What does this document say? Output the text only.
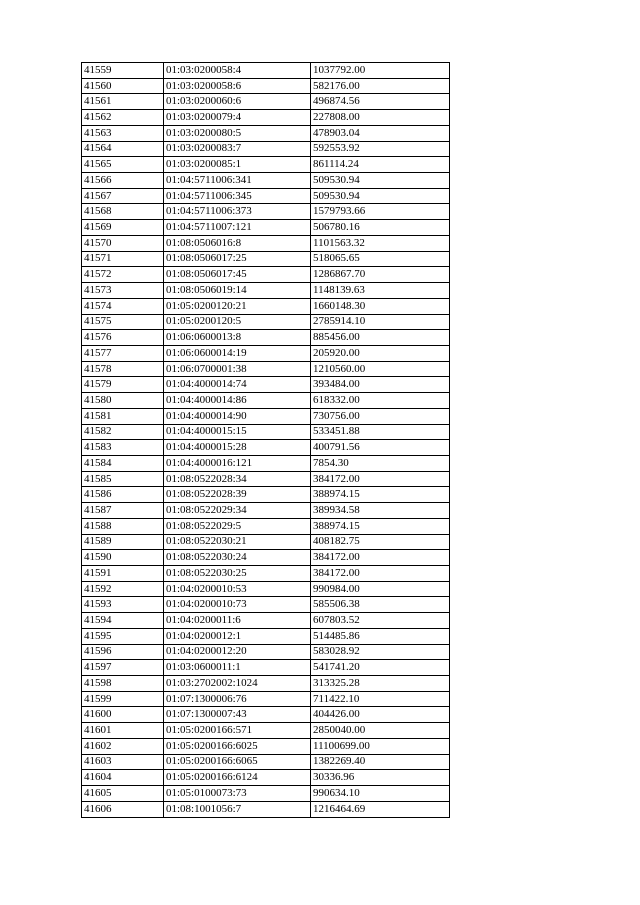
41559	01:03:0200058:4	1037792.00
41560	01:03:0200058:6	582176.00
41561	01:03:0200060:6	496874.56
41562	01:03:0200079:4	227808.00
41563	01:03:0200080:5	478903.04
41564	01:03:0200083:7	592553.92
41565	01:03:0200085:1	861114.24
41566	01:04:5711006:341	509530.94
41567	01:04:5711006:345	509530.94
41568	01:04:5711006:373	1579793.66
41569	01:04:5711007:121	506780.16
41570	01:08:0506016:8	1101563.32
41571	01:08:0506017:25	518065.65
41572	01:08:0506017:45	1286867.70
41573	01:08:0506019:14	1148139.63
41574	01:05:0200120:21	1660148.30
41575	01:05:0200120:5	2785914.10
41576	01:06:0600013:8	885456.00
41577	01:06:0600014:19	205920.00
41578	01:06:0700001:38	1210560.00
41579	01:04:4000014:74	393484.00
41580	01:04:4000014:86	618332.00
41581	01:04:4000014:90	730756.00
41582	01:04:4000015:15	533451.88
41583	01:04:4000015:28	400791.56
41584	01:04:4000016:121	7854.30
41585	01:08:0522028:34	384172.00
41586	01:08:0522028:39	388974.15
41587	01:08:0522029:34	389934.58
41588	01:08:0522029:5	388974.15
41589	01:08:0522030:21	408182.75
41590	01:08:0522030:24	384172.00
41591	01:08:0522030:25	384172.00
41592	01:04:0200010:53	990984.00
41593	01:04:0200010:73	585506.38
41594	01:04:0200011:6	607803.52
41595	01:04:0200012:1	514485.86
41596	01:04:0200012:20	583028.92
41597	01:03:0600011:1	541741.20
41598	01:03:2702002:1024	313325.28
41599	01:07:1300006:76	711422.10
41600	01:07:1300007:43	404426.00
41601	01:05:0200166:571	2850040.00
41602	01:05:0200166:6025	11100699.00
41603	01:05:0200166:6065	1382269.40
41604	01:05:0200166:6124	30336.96
41605	01:05:0100073:73	990634.10
41606	01:08:1001056:7	1216464.69
